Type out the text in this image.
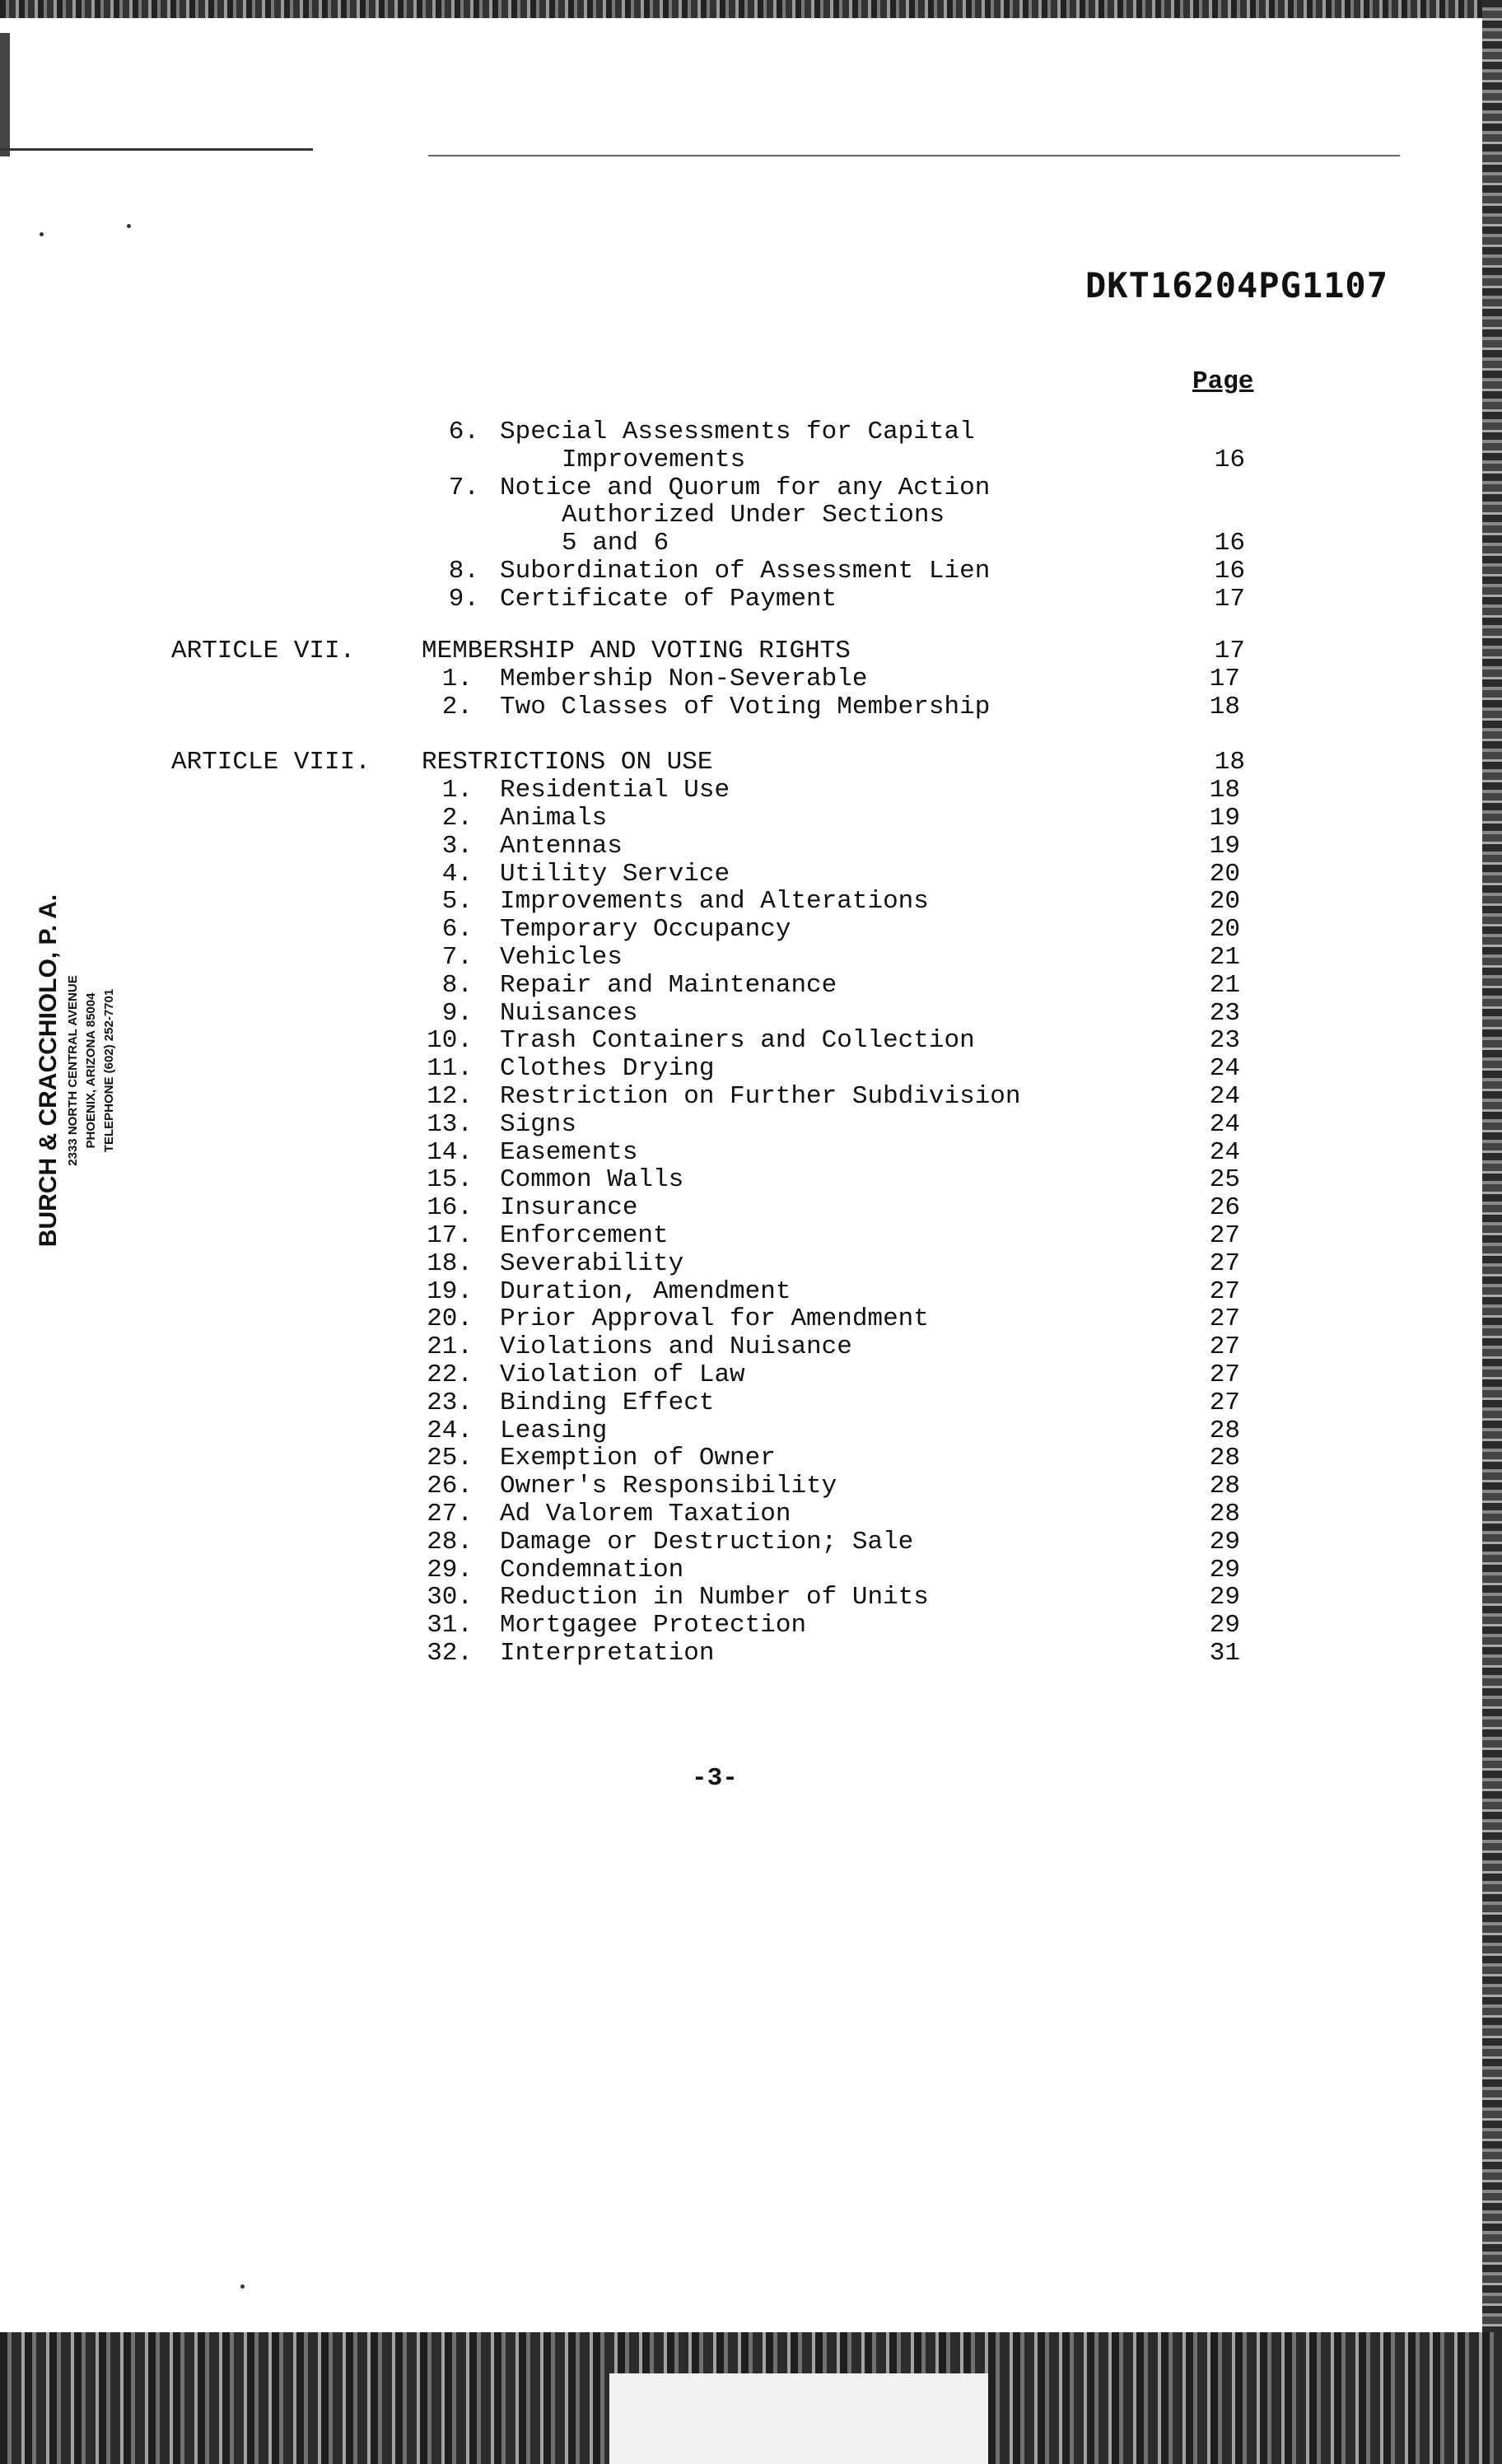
DKT16204PG1107
Page
BURCH & CRACCHIOLO, P. A. 2333 NORTH CENTRAL AVENUE PHOENIX, ARIZONA 85004 TELEPHONE (602) 252-7701
6. Special Assessments for Capital
Improvements	16
7. Notice and Quorum for any Action
Authorized Under Sections
5 and 6	16
8. Subordination of Assessment Lien	16
9. Certificate of Payment	17
ARTICLE VII.	MEMBERSHIP AND VOTING RIGHTS	17
1. Membership Non-Severable	17
2. Two Classes of Voting Membership	18
ARTICLE VIII. RESTRICTIONS ON USE	18
1. Residential Use	18
2. Animals	19
3. Antennas	19
4. Utility Service	20
5. Improvements and Alterations	20
6. Temporary Occupancy	20
7. Vehicles	21
8. Repair and Maintenance	21
9. Nuisances	23
10. Trash Containers and Collection	23
11. Clothes Drying	24
12. Restriction on Further Subdivision	24
13. Signs	24
14. Easements	24
15. Common Walls	25
16. Insurance	26
17. Enforcement	27
18. Severability	27
19. Duration, Amendment	27
20. Prior Approval for Amendment	27
21. Violations and Nuisance	27
22. Violation of Law	27
23. Binding Effect	27
24. Leasing	28
25. Exemption of Owner	28
26. Owner's Responsibility	28
27. Ad Valorem Taxation	28
28. Damage or Destruction; Sale	29
29. Condemnation	29
30. Reduction in Number of Units	29
31. Mortgagee Protection	29
32. Interpretation	31
-3-
